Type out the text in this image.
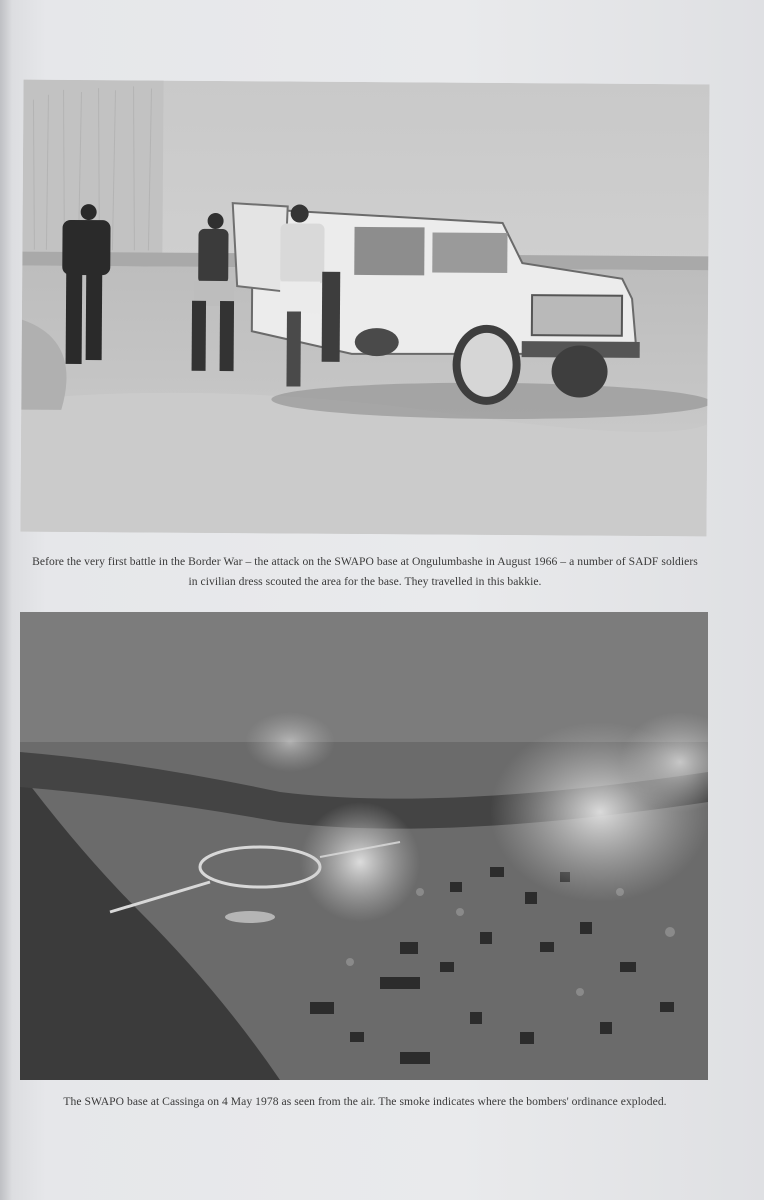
Before the very first battle in the Border War – the attack on the SWAPO base at Ongulumbashe in August 1966 – a number of SADF soldiers in civilian dress scouted the area for the base. They travelled in this bakkie.

The SWAPO base at Cassinga on 4 May 1978 as seen from the air. The smoke indicates where the bombers' ordinance exploded.
